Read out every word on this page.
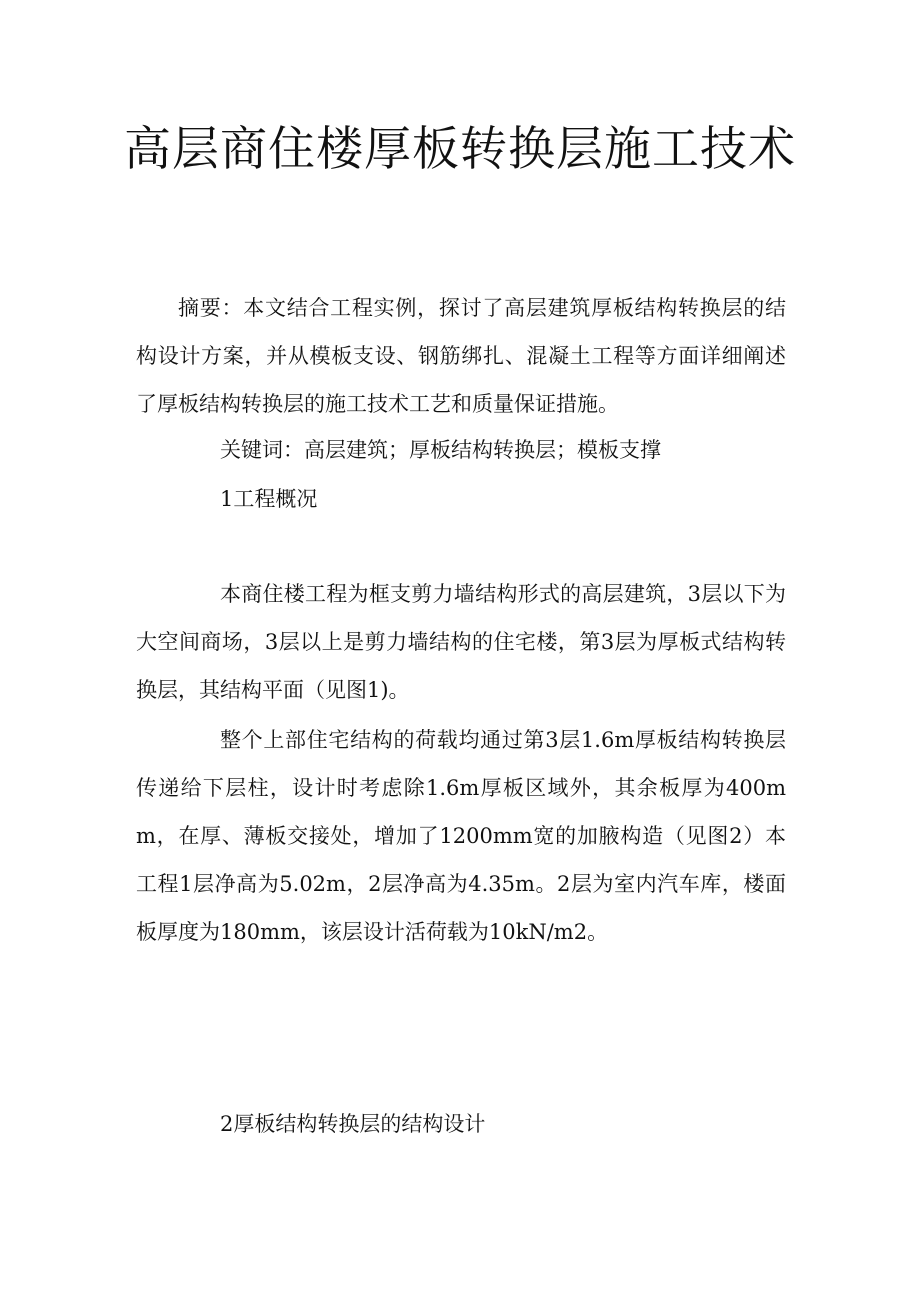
高层商住楼厚板转换层施工技术

摘要：本文结合工程实例，探讨了高层建筑厚板结构转换层的结构设计方案，并从模板支设、钢筋绑扎、混凝土工程等方面详细阐述了厚板结构转换层的施工技术工艺和质量保证措施。

关键词：高层建筑；厚板结构转换层；模板支撑

1工程概况

本商住楼工程为框支剪力墙结构形式的高层建筑，3层以下为大空间商场，3层以上是剪力墙结构的住宅楼，第3层为厚板式结构转换层，其结构平面（见图1)。

整个上部住宅结构的荷载均通过第3层1.6m厚板结构转换层传递给下层柱，设计时考虑除1.6m厚板区域外，其余板厚为400mm，在厚、薄板交接处，增加了1200mm宽的加腋构造（见图2）本工程1层净高为5.02m，2层净高为4.35m。2层为室内汽车库，楼面板厚度为180mm，该层设计活荷载为10kN/m2。

2厚板结构转换层的结构设计
